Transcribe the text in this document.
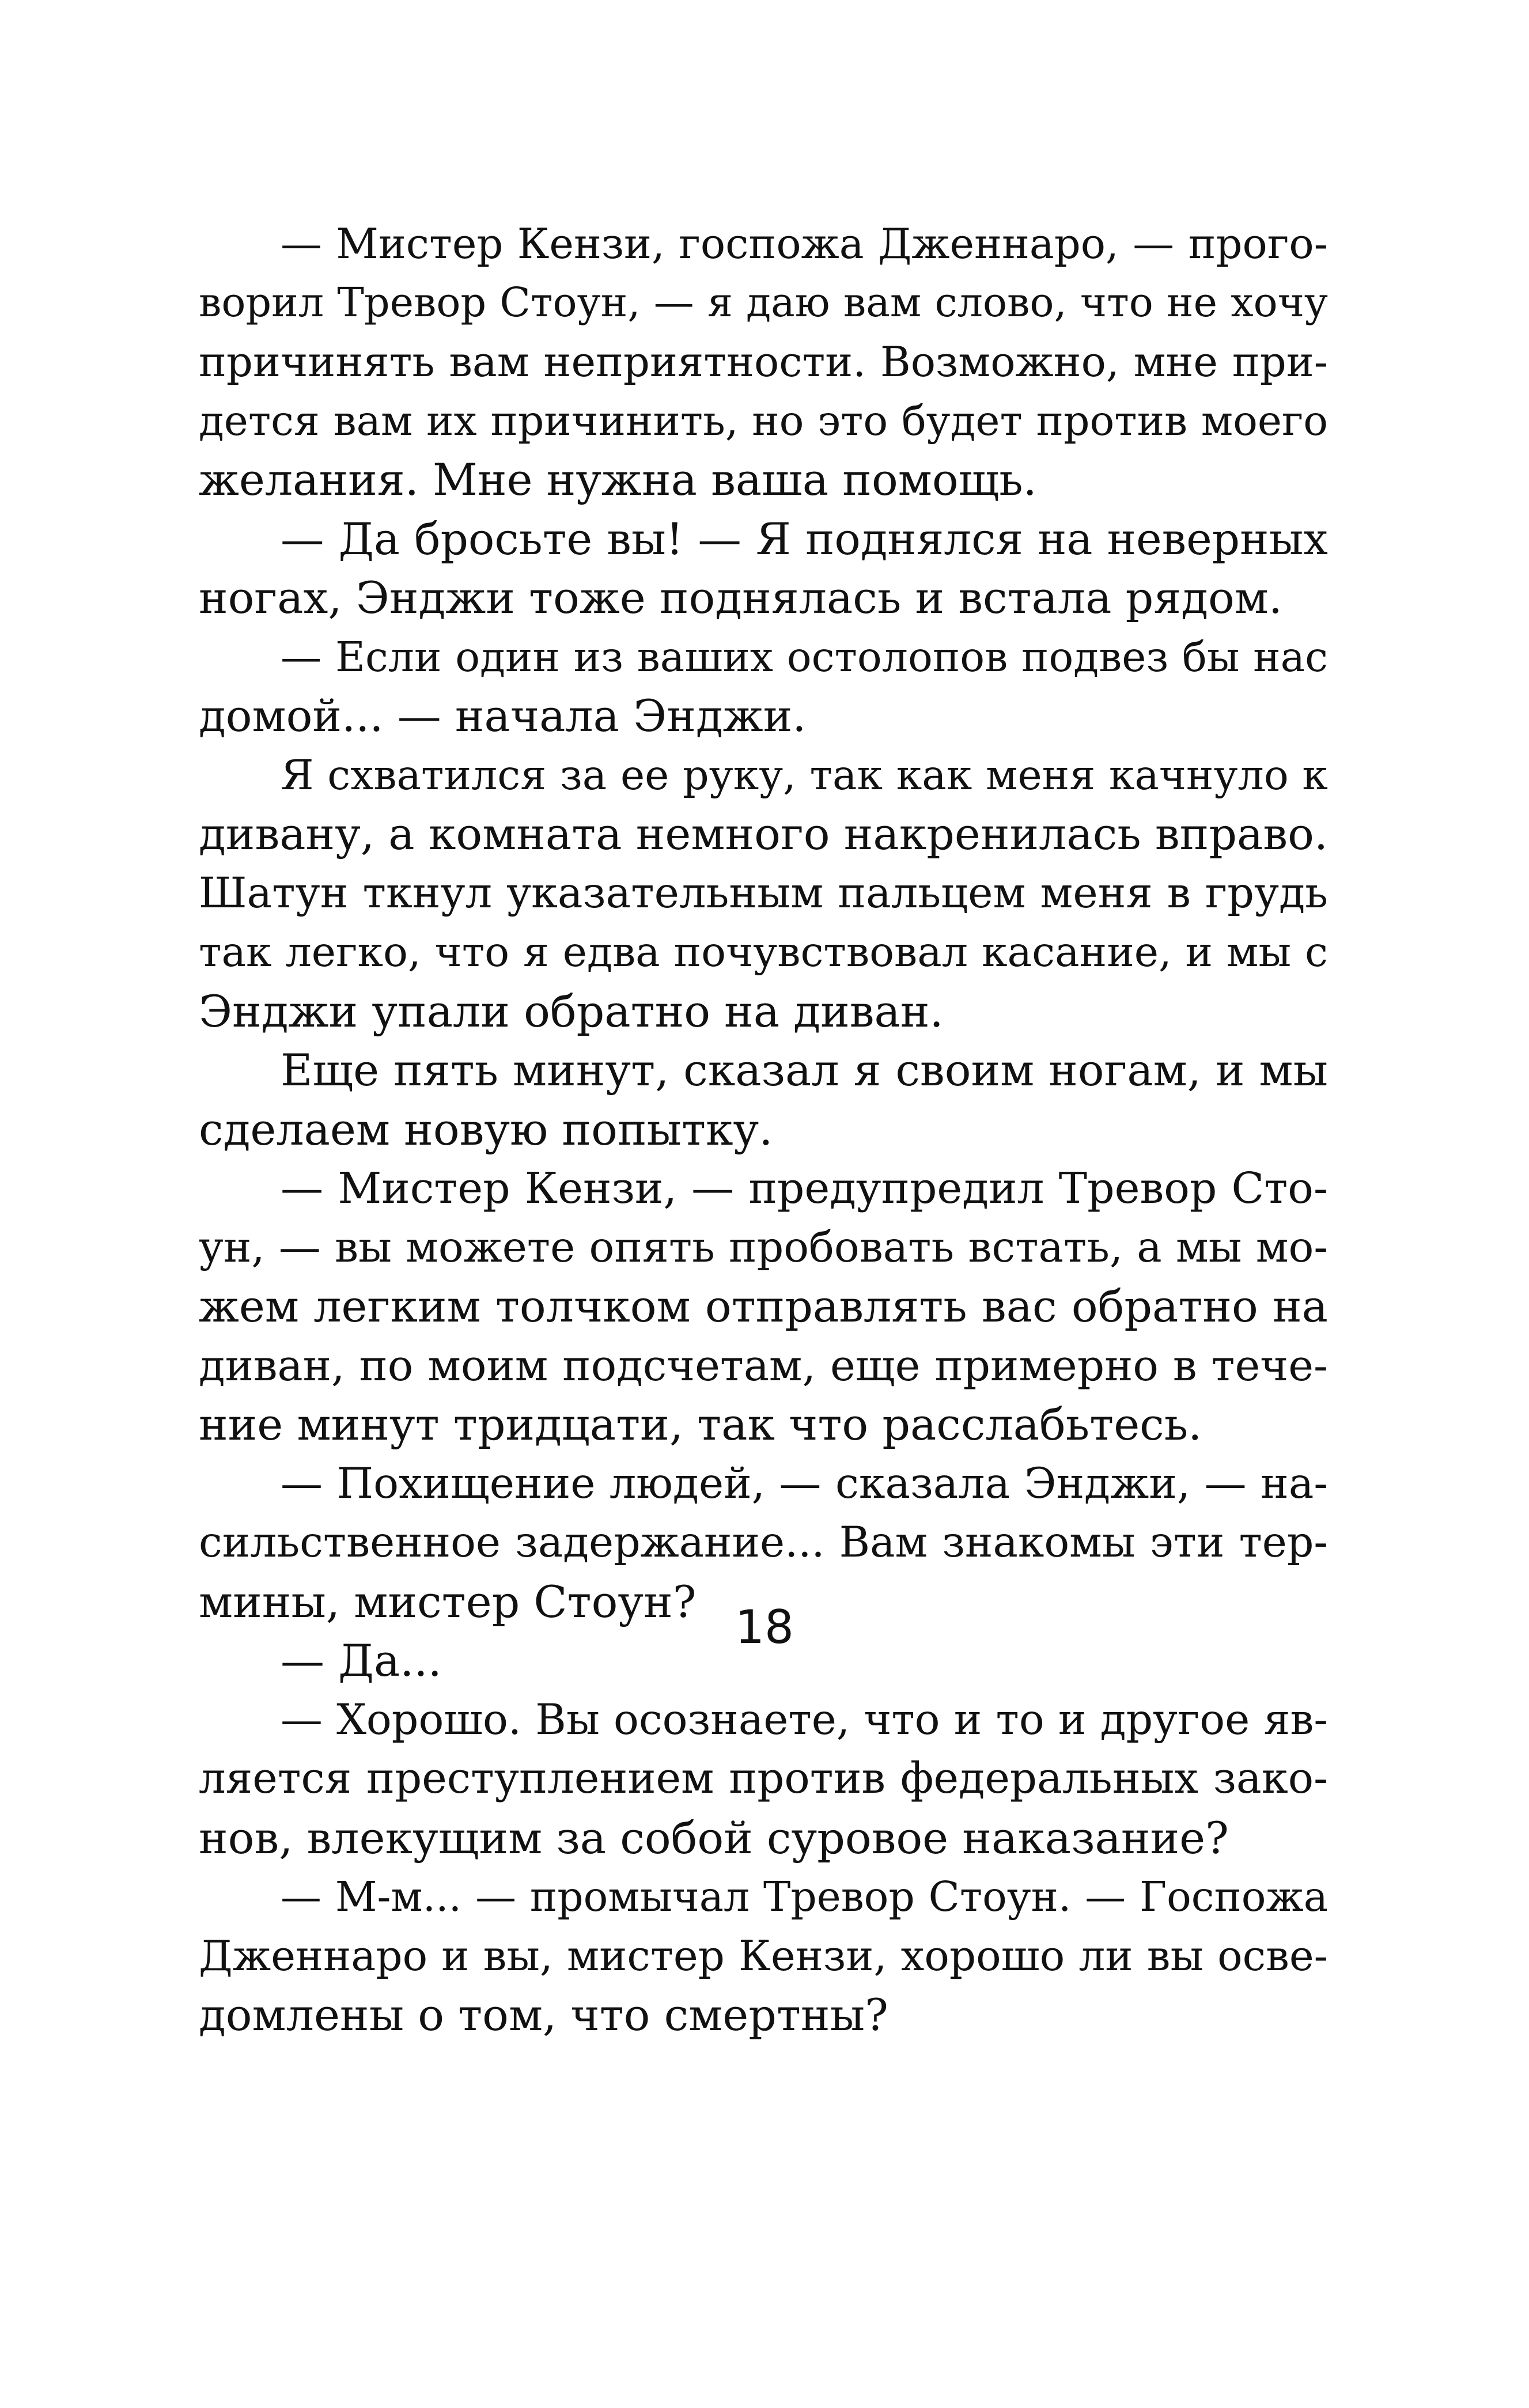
— Мистер Кензи, госпожа Дженнаро, — прого-
ворил Тревор Стоун, — я даю вам слово, что не хочу
причинять вам неприятности. Возможно, мне при-
дется вам их причинить, но это будет против моего
желания. Мне нужна ваша помощь.
— Да бросьте вы! — Я поднялся на неверных
ногах, Энджи тоже поднялась и встала рядом.
— Если один из ваших остолопов подвез бы нас
домой... — начала Энджи.
Я схватился за ее руку, так как меня качнуло к
дивану, а комната немного накренилась вправо.
Шатун ткнул указательным пальцем меня в грудь
так легко, что я едва почувствовал касание, и мы с
Энджи упали обратно на диван.
Еще пять минут, сказал я своим ногам, и мы
сделаем новую попытку.
— Мистер Кензи, — предупредил Тревор Сто-
ун, — вы можете опять пробовать встать, а мы мо-
жем легким толчком отправлять вас обратно на
диван, по моим подсчетам, еще примерно в тече-
ние минут тридцати, так что расслабьтесь.
— Похищение людей, — сказала Энджи, — на-
сильственное задержание... Вам знакомы эти тер-
мины, мистер Стоун?
— Да...
— Хорошо. Вы осознаете, что и то и другое яв-
ляется преступлением против федеральных зако-
нов, влекущим за собой суровое наказание?
— М-м... — промычал Тревор Стоун. — Госпожа
Дженнаро и вы, мистер Кензи, хорошо ли вы осве-
домлены о том, что смертны?
18
